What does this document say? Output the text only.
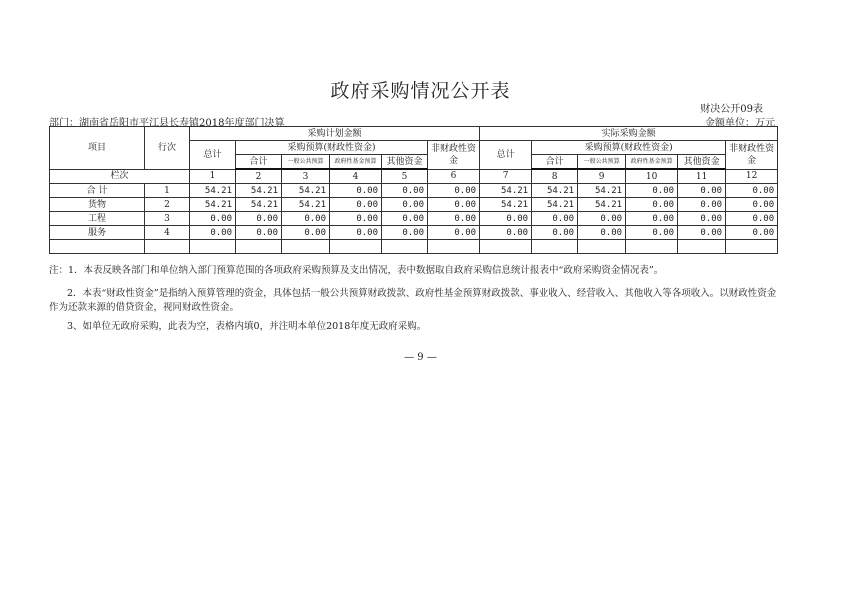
政府采购情况公开表
财决公开09表
部门：湖南省岳阳市平江县长寿镇2018年度部门决算	金额单位：万元
项目	行次	采购计划金额						实际采购金额					
		总计	采购预算(财政性资金)				非财政性资金	总计	采购预算(财政性资金)				非财政性资金
			合计	一般公共预算	政府性基金预算	其他资金			合计	一般公共预算	政府性基金预算	其他资金	
栏次		1	2	3	4	5	6	7	8	9	10	11	12
合 计	1	54.21	54.21	54.21	0.00	0.00	0.00	54.21	54.21	54.21	0.00	0.00	0.00
货物	2	54.21	54.21	54.21	0.00	0.00	0.00	54.21	54.21	54.21	0.00	0.00	0.00
工程	3	0.00	0.00	0.00	0.00	0.00	0.00	0.00	0.00	0.00	0.00	0.00	0.00
服务	4	0.00	0.00	0.00	0.00	0.00	0.00	0.00	0.00	0.00	0.00	0.00	0.00

注：1．本表反映各部门和单位纳入部门预算范围的各项政府采购预算及支出情况，表中数据取自政府采购信息统计报表中“政府采购资金情况表”。
2．本表“财政性资金”是指纳入预算管理的资金，具体包括一般公共预算财政拨款、政府性基金预算财政拨款、事业收入、经营收入、其他收入等各项收入。以财政性资金作为还款来源的借贷资金，视同财政性资金。
3、如单位无政府采购，此表为空，表格内填0，并注明本单位2018年度无政府采购。
— 9 —
